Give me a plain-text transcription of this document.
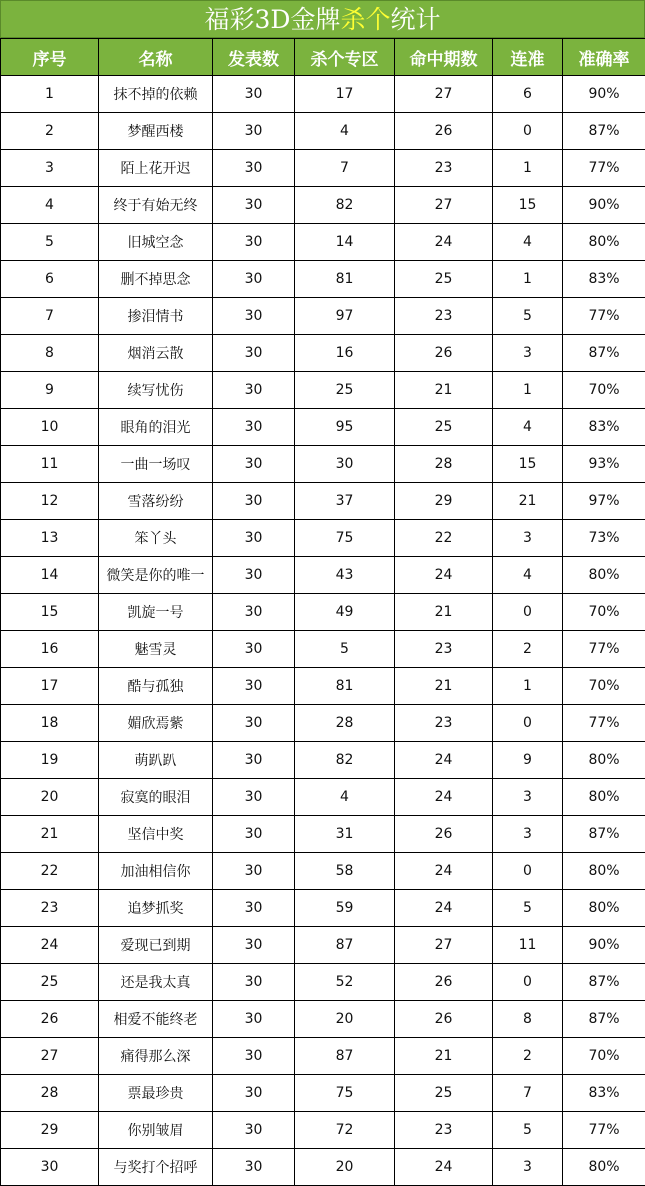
福彩3D金牌杀个统计
序号	名称	发表数	杀个专区	命中期数	连准	准确率
1	抹不掉的依赖	30	17	27	6	90%
2	梦醒西楼	30	4	26	0	87%
3	陌上花开迟	30	7	23	1	77%
4	终于有始无终	30	82	27	15	90%
5	旧城空念	30	14	24	4	80%
6	删不掉思念	30	81	25	1	83%
7	掺泪情书	30	97	23	5	77%
8	烟消云散	30	16	26	3	87%
9	续写忧伤	30	25	21	1	70%
10	眼角的泪光	30	95	25	4	83%
11	一曲一场叹	30	30	28	15	93%
12	雪落纷纷	30	37	29	21	97%
13	笨丫头	30	75	22	3	73%
14	微笑是你的唯一	30	43	24	4	80%
15	凯旋一号	30	49	21	0	70%
16	魅雪灵	30	5	23	2	77%
17	酷与孤独	30	81	21	1	70%
18	媚欣焉紫	30	28	23	0	77%
19	萌趴趴	30	82	24	9	80%
20	寂寞的眼泪	30	4	24	3	80%
21	坚信中奖	30	31	26	3	87%
22	加油相信你	30	58	24	0	80%
23	追梦抓奖	30	59	24	5	80%
24	爱现已到期	30	87	27	11	90%
25	还是我太真	30	52	26	0	87%
26	相爱不能终老	30	20	26	8	87%
27	痛得那么深	30	87	21	2	70%
28	票最珍贵	30	75	25	7	83%
29	你别皱眉	30	72	23	5	77%
30	与奖打个招呼	30	20	24	3	80%
